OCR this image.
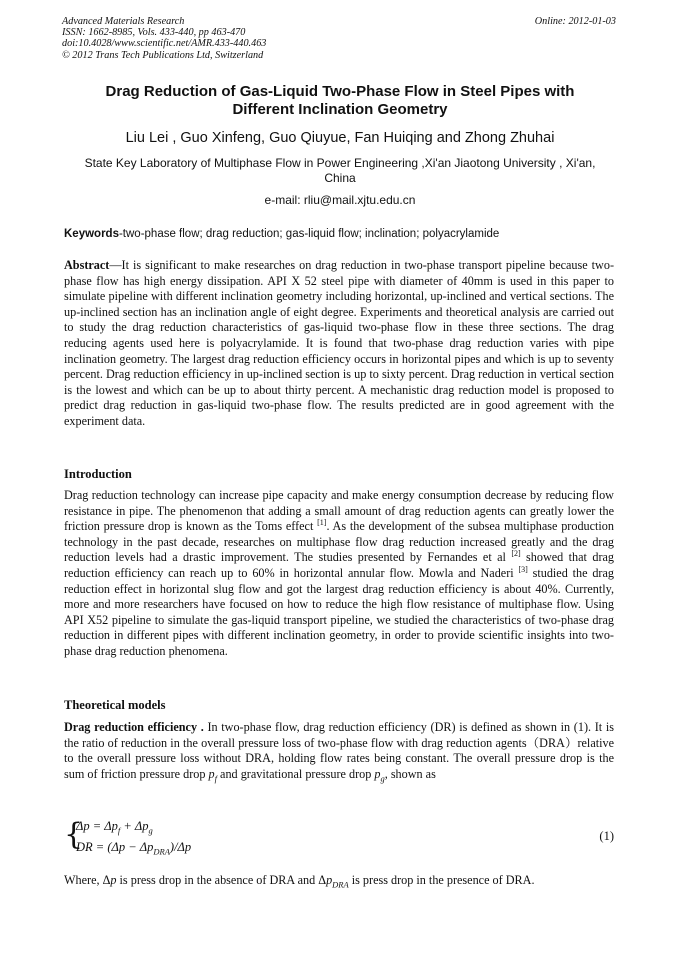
Advanced Materials Research
ISSN: 1662-8985, Vols. 433-440, pp 463-470
doi:10.4028/www.scientific.net/AMR.433-440.463
© 2012 Trans Tech Publications Ltd, Switzerland
Online: 2012-01-03
Drag Reduction of Gas-Liquid Two-Phase Flow in Steel Pipes with
Different Inclination Geometry
Liu Lei , Guo Xinfeng, Guo Qiuyue, Fan Huiqing and Zhong Zhuhai
State Key Laboratory of Multiphase Flow in Power Engineering ,Xi'an Jiaotong University , Xi'an,
China
e-mail: rliu@mail.xjtu.edu.cn
Keywords-two-phase flow; drag reduction; gas-liquid flow; inclination; polyacrylamide
Abstract—It is significant to make researches on drag reduction in two-phase transport pipeline because two-phase flow has high energy dissipation. API X 52 steel pipe with diameter of 40mm is used in this paper to simulate pipeline with different inclination geometry including horizontal, up-inclined and vertical sections. The up-inclined section has an inclination angle of eight degree. Experiments and theoretical analysis are carried out to study the drag reduction characteristics of gas-liquid two-phase flow in these three sections. The drag reducing agents used here is polyacrylamide. It is found that two-phase drag reduction varies with pipe inclination geometry. The largest drag reduction efficiency occurs in horizontal pipes and which is up to seventy percent. Drag reduction efficiency in up-inclined section is up to sixty percent. Drag reduction in vertical section is the lowest and which can be up to about thirty percent. A mechanistic drag reduction model is proposed to predict drag reduction in gas-liquid two-phase flow. The results predicted are in good agreement with the experiment data.
Introduction
Drag reduction technology can increase pipe capacity and make energy consumption decrease by reducing flow resistance in pipe. The phenomenon that adding a small amount of drag reduction agents can greatly lower the friction pressure drop is known as the Toms effect [1]. As the development of the subsea multiphase production technology in the past decade, researches on multiphase flow drag reduction increased greatly and the drag reduction levels had a drastic improvement. The studies presented by Fernandes et al [2] showed that drag reduction efficiency can reach up to 60% in horizontal annular flow. Mowla and Naderi [3] studied the drag reduction effect in horizontal slug flow and got the largest drag reduction efficiency is about 40%. Currently, more and more researchers have focused on how to reduce the high flow resistance of multiphase flow. Using API X52 pipeline to simulate the gas-liquid transport pipeline, we studied the characteristics of two-phase drag reduction in different pipes with different inclination geometry, in order to provide scientific insights into two-phase drag reduction phenomena.
Theoretical models
Drag reduction efficiency . In two-phase flow, drag reduction efficiency (DR) is defined as shown in (1). It is the ratio of reduction in the overall pressure loss of two-phase flow with drag reduction agents（DRA）relative to the overall pressure loss without DRA, holding flow rates being constant. The overall pressure drop is the sum of friction pressure drop $p_f$ and gravitational pressure drop $p_g$, shown as
{
$\Delta p = \Delta p_f + \Delta p_g$
DR = $(\Delta p - \Delta p_{DRA})/\Delta p$
(1)
Where, Δp is press drop in the absence of DRA and $\Delta p_{DRA}$ is press drop in the presence of DRA.
